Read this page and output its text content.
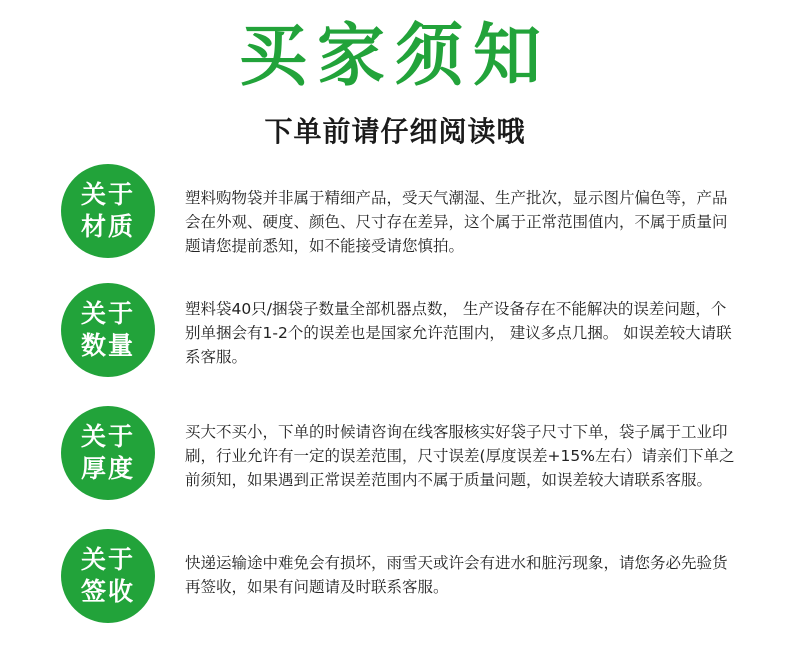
买家须知
下单前请仔细阅读哦
关于
材质

塑料购物袋并非属于精细产品，受天气潮湿、生产批次，显示图片偏色等，产品会在外观、硬度、颜色、尺寸存在差异，这个属于正常范围值内，不属于质量问题请您提前悉知，如不能接受请您慎拍。

关于
数量

塑料袋40只/捆袋子数量全部机器点数， 生产设备存在不能解决的误差问题，个别单捆会有1-2个的误差也是国家允许范围内， 建议多点几捆。 如误差较大请联系客服。

关于
厚度

买大不买小，下单的时候请咨询在线客服核实好袋子尺寸下单，袋子属于工业印刷，行业允许有一定的误差范围，尺寸误差(厚度误差+15%左右）请亲们下单之前须知，如果遇到正常误差范围内不属于质量问题，如误差较大请联系客服。

关于
签收

快递运输途中难免会有损坏，雨雪天或许会有进水和脏污现象，请您务必先验货再签收，如果有问题请及时联系客服。
